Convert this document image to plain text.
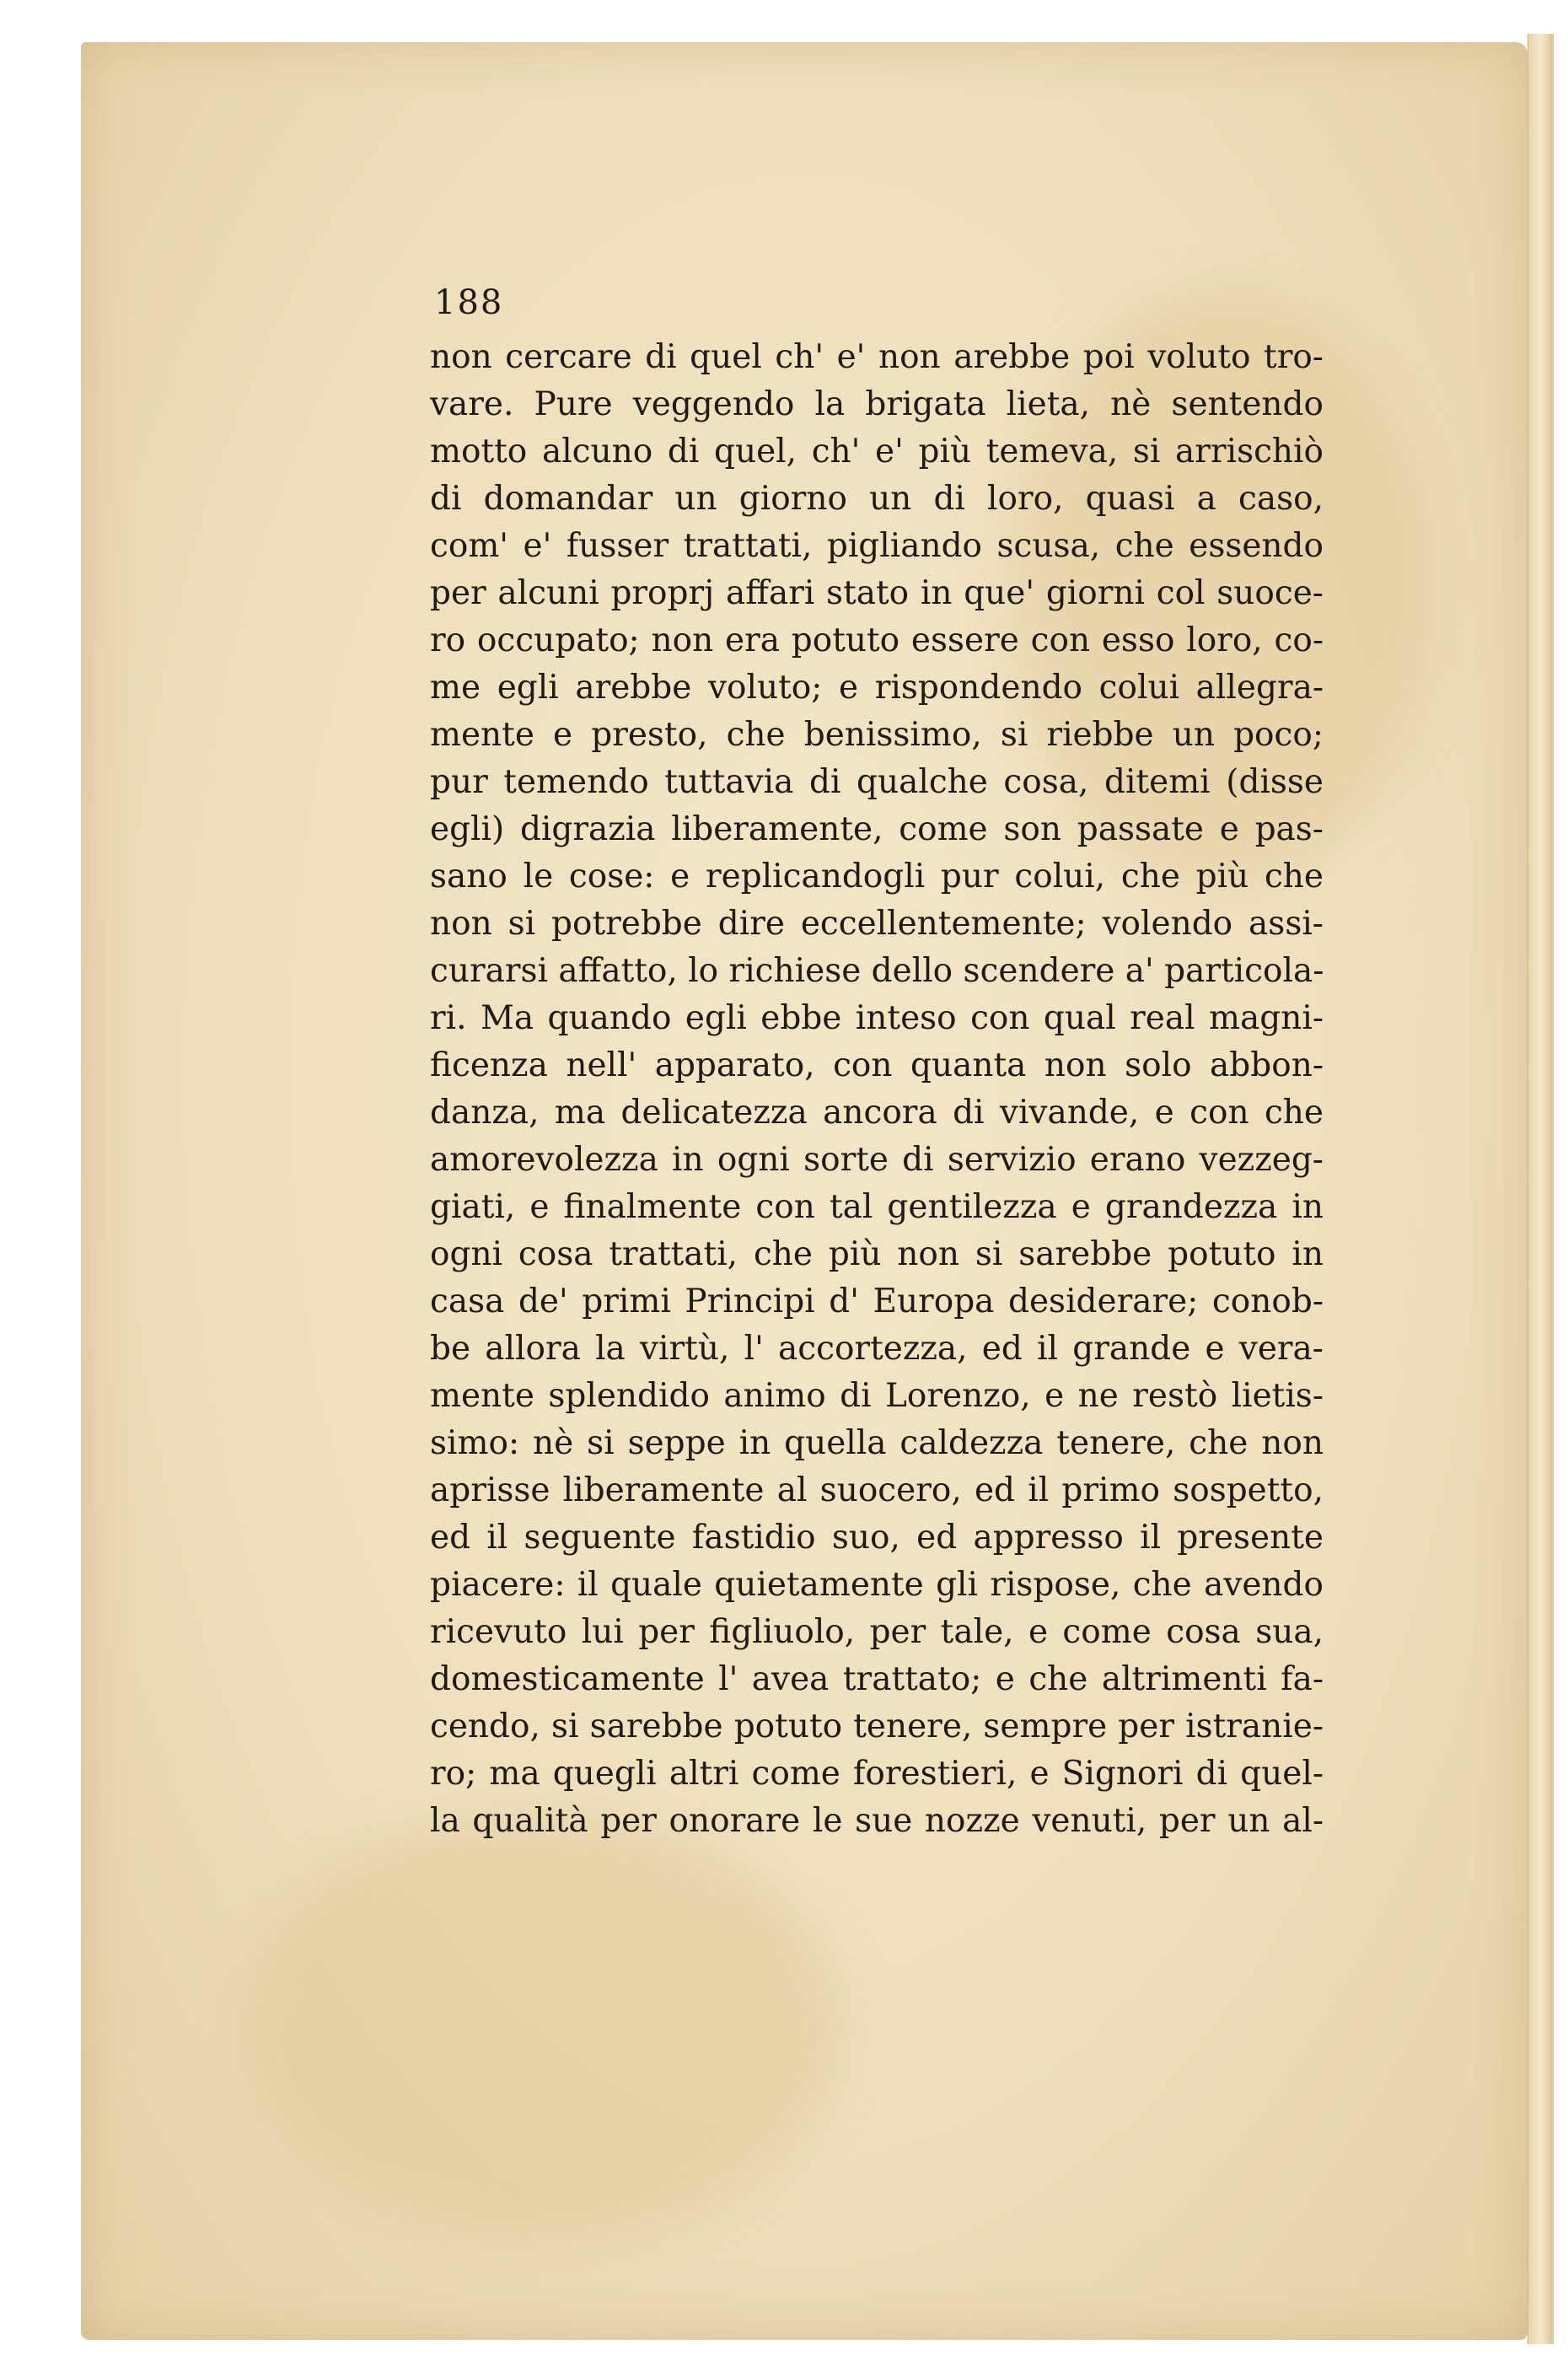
188
non cercare di quel ch' e' non arebbe poi voluto tro-
vare. Pure veggendo la brigata lieta, nè sentendo
motto alcuno di quel, ch' e' più temeva, si arrischiò
di domandar un giorno un di loro, quasi a caso,
com' e' fusser trattati, pigliando scusa, che essendo
per alcuni proprj affari stato in que' giorni col suoce-
ro occupato; non era potuto essere con esso loro, co-
me egli arebbe voluto; e rispondendo colui allegra-
mente e presto, che benissimo, si riebbe un poco;
pur temendo tuttavia di qualche cosa, ditemi (disse
egli) digrazia liberamente, come son passate e pas-
sano le cose: e replicandogli pur colui, che più che
non si potrebbe dire eccellentemente; volendo assi-
curarsi affatto, lo richiese dello scendere a' particola-
ri. Ma quando egli ebbe inteso con qual real magni-
ficenza nell' apparato, con quanta non solo abbon-
danza, ma delicatezza ancora di vivande, e con che
amorevolezza in ogni sorte di servizio erano vezzeg-
giati, e finalmente con tal gentilezza e grandezza in
ogni cosa trattati, che più non si sarebbe potuto in
casa de' primi Principi d' Europa desiderare; conob-
be allora la virtù, l' accortezza, ed il grande e vera-
mente splendido animo di Lorenzo, e ne restò lietis-
simo: nè si seppe in quella caldezza tenere, che non
aprisse liberamente al suocero, ed il primo sospetto,
ed il seguente fastidio suo, ed appresso il presente
piacere: il quale quietamente gli rispose, che avendo
ricevuto lui per figliuolo, per tale, e come cosa sua,
domesticamente l' avea trattato; e che altrimenti fa-
cendo, si sarebbe potuto tenere, sempre per istranie-
ro; ma quegli altri come forestieri, e Signori di quel-
la qualità per onorare le sue nozze venuti, per un al-
